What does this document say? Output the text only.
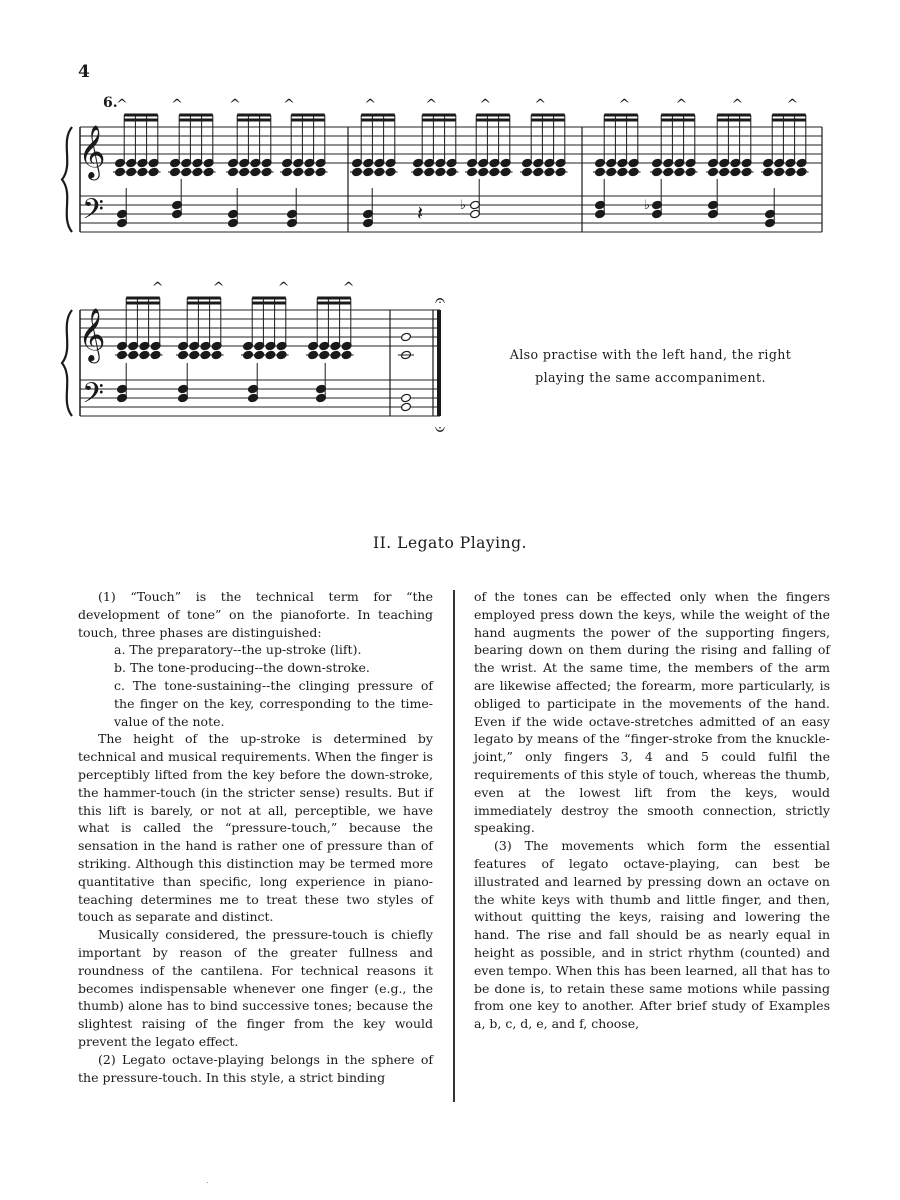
4
6.
𝄞
𝄢
^	^	^	^	^	^	^	^	^	^	^	^
𝄽	♭	♭
𝄞
𝄢
^	^	^	^
𝄐
𝄐
Also practise with the left hand, the right
playing the same accompaniment.
II. Legato Playing.

(1) “Touch” is the technical term for “the development of tone” on the pianoforte. In teaching touch, three phases are distinguished:

a. The preparatory--the up-stroke (lift).

b. The tone-producing--the down-stroke.

c. The tone-sustaining--the clinging pressure of the finger on the key, corresponding to the time-value of the note.

The height of the up-stroke is determined by technical and musical requirements. When the finger is perceptibly lifted from the key before the down-stroke, the hammer-touch (in the stricter sense) results. But if this lift is barely, or not at all, perceptible, we have what is called the “pressure-touch,” because the sensation in the hand is rather one of pressure than of striking. Although this distinction may be termed more quantitative than specific, long experience in piano-teaching determines me to treat these two styles of touch as separate and distinct.

Musically considered, the pressure-touch is chiefly important by reason of the greater fullness and roundness of the cantilena. For technical reasons it becomes indispensable whenever one finger (e.g., the thumb) alone has to bind successive tones; because the slightest raising of the finger from the key would prevent the legato effect.

(2) Legato octave-playing belongs in the sphere of the pressure-touch. In this style, a strict binding

of the tones can be effected only when the fingers employed press down the keys, while the weight of the hand augments the power of the supporting fingers, bearing down on them during the rising and falling of the wrist. At the same time, the members of the arm are likewise affected; the forearm, more particularly, is obliged to participate in the movements of the hand. Even if the wide octave-stretches admitted of an easy legato by means of the “finger-stroke from the knuckle-joint,” only fingers 3, 4 and 5 could fulfil the requirements of this style of touch, whereas the thumb, even at the lowest lift from the keys, would immediately destroy the smooth connection, strictly speaking.

(3) The movements which form the essential features of legato octave-playing, can best be illustrated and learned by pressing down an octave on the white keys with thumb and little finger, and then, without quitting the keys, raising and lowering the hand. The rise and fall should be as nearly equal in height as possible, and in strict rhythm (counted) and even tempo. When this has been learned, all that has to be done is, to retain these same motions while passing from one key to another. After brief study of Examples a, b, c, d, e, and f, choose,

.
